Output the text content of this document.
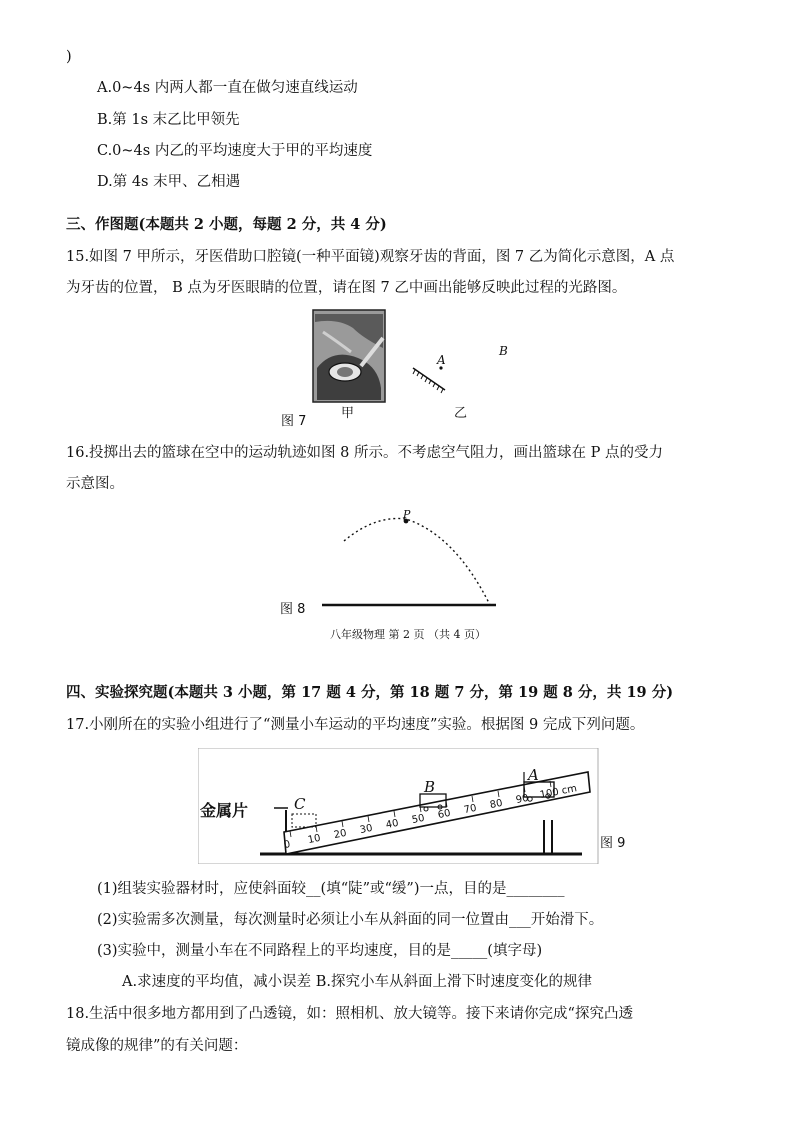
)
A.0~4s 内两人都一直在做匀速直线运动
B.第 1s 末乙比甲领先
C.0~4s 内乙的平均速度大于甲的平均速度
D.第 4s 末甲、乙相遇
三、作图题(本题共 2 小题，每题 2 分，共 4 分)
15.如图 7 甲所示，牙医借助口腔镜(一种平面镜)观察牙齿的背面，图 7 乙为简化示意图，A 点
为牙齿的位置， B 点为牙医眼睛的位置，请在图 7 乙中画出能够反映此过程的光路图。
A
B
图 7
甲	乙
16.投掷出去的篮球在空中的运动轨迹如图 8 所示。不考虑空气阻力，画出篮球在 P 点的受力
示意图。
P
图 8
八年级物理 第 2 页 （共 4 页）
四、实验探究题(本题共 3 小题，第 17 题 4 分，第 18 题 7 分，第 19 题 8 分，共 19 分)
17.小刚所在的实验小组进行了“测量小车运动的平均速度”实验。根据图 9 完成下列问题。
金属片	C
B
A
0 10 20 30 40 50 60 70 80 90 100 cm
图 9
(1)组装实验器材时，应使斜面较__(填“陡”或“缓”)一点，目的是________
(2)实验需多次测量，每次测量时必须让小车从斜面的同一位置由___开始滑下。
(3)实验中，测量小车在不同路程上的平均速度，目的是_____(填字母)
A.求速度的平均值，减小误差 B.探究小车从斜面上滑下时速度变化的规律
18.生活中很多地方都用到了凸透镜，如：照相机、放大镜等。接下来请你完成“探究凸透
镜成像的规律”的有关问题：
